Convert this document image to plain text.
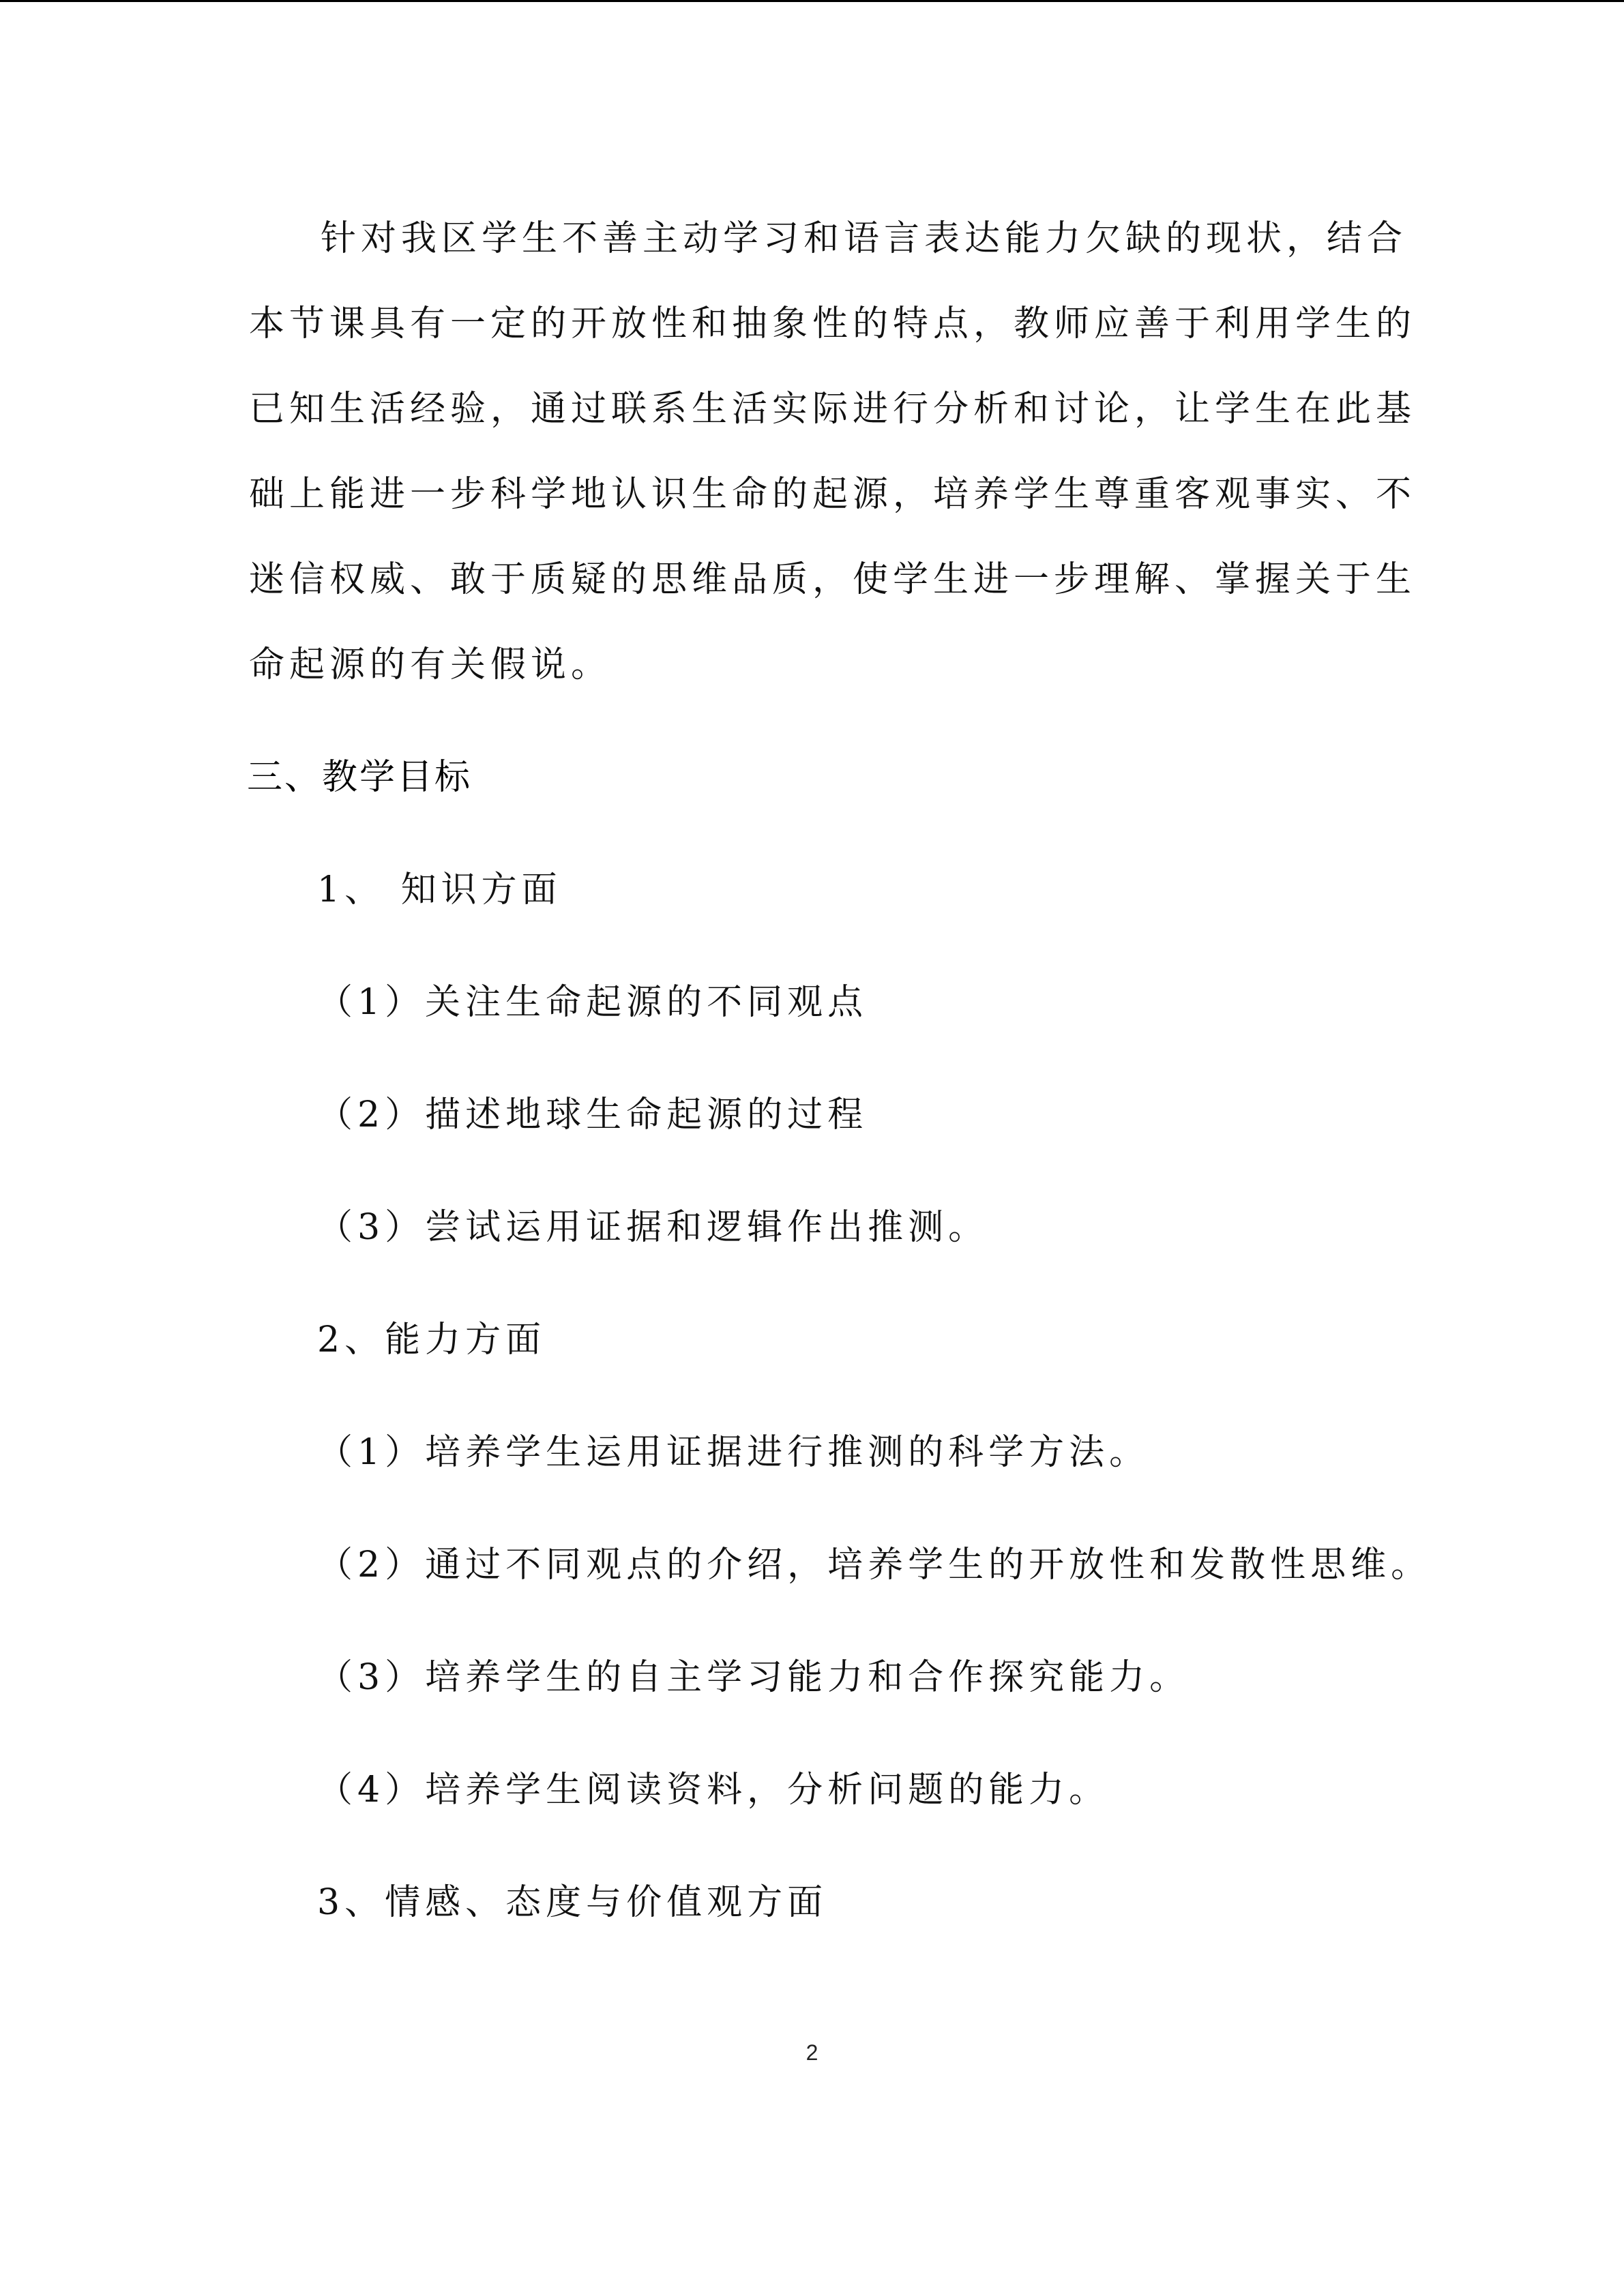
针对我区学生不善主动学习和语言表达能力欠缺的现状，结合
本节课具有一定的开放性和抽象性的特点，教师应善于利用学生的
已知生活经验，通过联系生活实际进行分析和讨论，让学生在此基
础上能进一步科学地认识生命的起源，培养学生尊重客观事实、不
迷信权威、敢于质疑的思维品质，使学生进一步理解、掌握关于生
命起源的有关假说。
三、教学目标
1、 知识方面
（1）关注生命起源的不同观点
（2）描述地球生命起源的过程
（3）尝试运用证据和逻辑作出推测。
2、能力方面
（1）培养学生运用证据进行推测的科学方法。
（2）通过不同观点的介绍，培养学生的开放性和发散性思维。
（3）培养学生的自主学习能力和合作探究能力。
（4）培养学生阅读资料，分析问题的能力。
3、情感、态度与价值观方面
2
